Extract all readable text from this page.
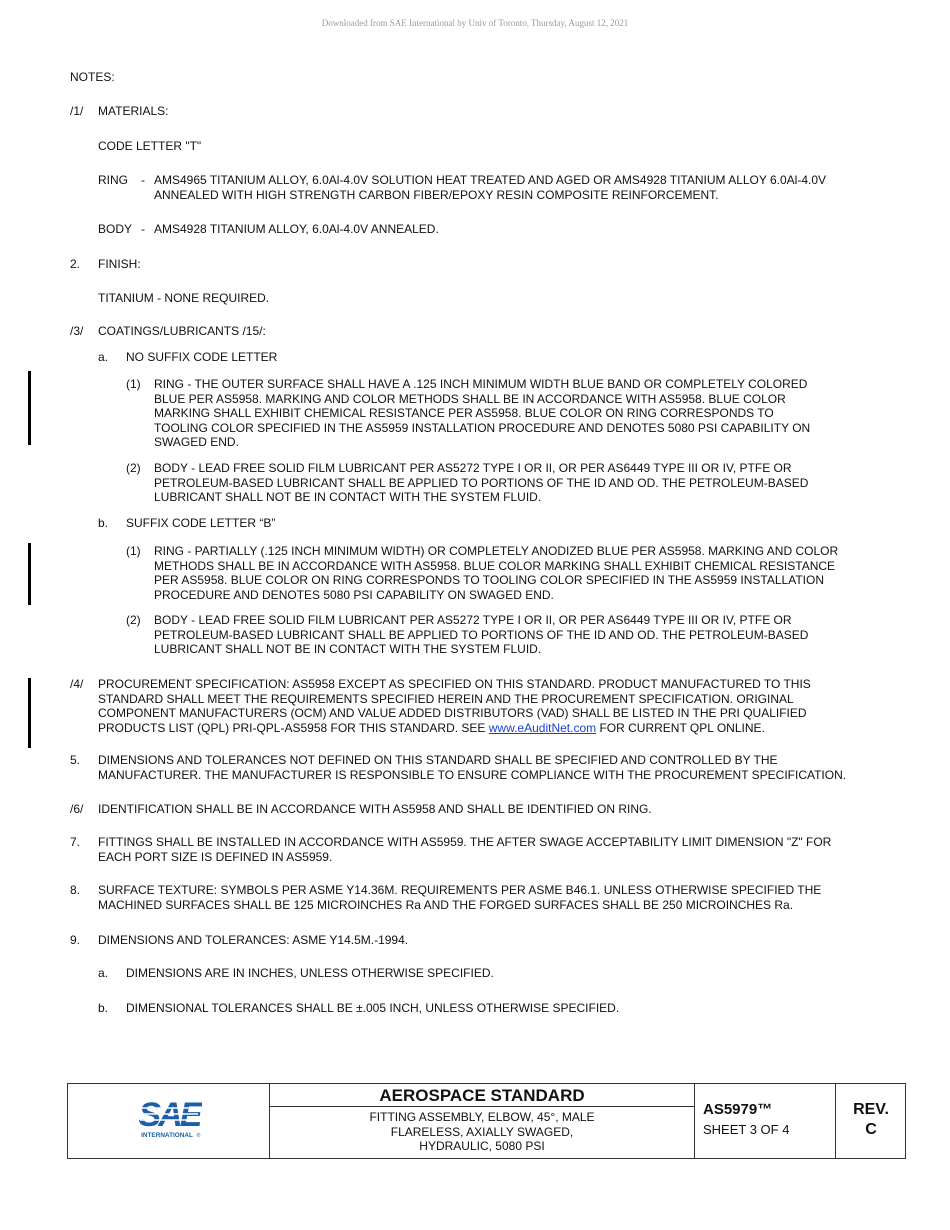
Downloaded from SAE International by Univ of Toronto, Thursday, August 12, 2021
NOTES:
/1/ MATERIALS:
CODE LETTER "T"
RING - AMS4965 TITANIUM ALLOY, 6.0Al-4.0V SOLUTION HEAT TREATED AND AGED OR AMS4928 TITANIUM ALLOY 6.0Al-4.0V
ANNEALED WITH HIGH STRENGTH CARBON FIBER/EPOXY RESIN COMPOSITE REINFORCEMENT.
BODY - AMS4928 TITANIUM ALLOY, 6.0Al-4.0V ANNEALED.
2. FINISH:
TITANIUM - NONE REQUIRED.
/3/ COATINGS/LUBRICANTS /15/:
a. NO SUFFIX CODE LETTER
(1) RING - THE OUTER SURFACE SHALL HAVE A .125 INCH MINIMUM WIDTH BLUE BAND OR COMPLETELY COLORED
BLUE PER AS5958. MARKING AND COLOR METHODS SHALL BE IN ACCORDANCE WITH AS5958. BLUE COLOR
MARKING SHALL EXHIBIT CHEMICAL RESISTANCE PER AS5958. BLUE COLOR ON RING CORRESPONDS TO
TOOLING COLOR SPECIFIED IN THE AS5959 INSTALLATION PROCEDURE AND DENOTES 5080 PSI CAPABILITY ON
SWAGED END.
(2) BODY - LEAD FREE SOLID FILM LUBRICANT PER AS5272 TYPE I OR II, OR PER AS6449 TYPE III OR IV, PTFE OR
PETROLEUM-BASED LUBRICANT SHALL BE APPLIED TO PORTIONS OF THE ID AND OD. THE PETROLEUM-BASED
LUBRICANT SHALL NOT BE IN CONTACT WITH THE SYSTEM FLUID.
b. SUFFIX CODE LETTER “B”
(1) RING - PARTIALLY (.125 INCH MINIMUM WIDTH) OR COMPLETELY ANODIZED BLUE PER AS5958. MARKING AND COLOR
METHODS SHALL BE IN ACCORDANCE WITH AS5958. BLUE COLOR MARKING SHALL EXHIBIT CHEMICAL RESISTANCE
PER AS5958. BLUE COLOR ON RING CORRESPONDS TO TOOLING COLOR SPECIFIED IN THE AS5959 INSTALLATION
PROCEDURE AND DENOTES 5080 PSI CAPABILITY ON SWAGED END.
(2) BODY - LEAD FREE SOLID FILM LUBRICANT PER AS5272 TYPE I OR II, OR PER AS6449 TYPE III OR IV, PTFE OR
PETROLEUM-BASED LUBRICANT SHALL BE APPLIED TO PORTIONS OF THE ID AND OD. THE PETROLEUM-BASED
LUBRICANT SHALL NOT BE IN CONTACT WITH THE SYSTEM FLUID.
/4/ PROCUREMENT SPECIFICATION: AS5958 EXCEPT AS SPECIFIED ON THIS STANDARD. PRODUCT MANUFACTURED TO THIS
STANDARD SHALL MEET THE REQUIREMENTS SPECIFIED HEREIN AND THE PROCUREMENT SPECIFICATION. ORIGINAL
COMPONENT MANUFACTURERS (OCM) AND VALUE ADDED DISTRIBUTORS (VAD) SHALL BE LISTED IN THE PRI QUALIFIED
PRODUCTS LIST (QPL) PRI-QPL-AS5958 FOR THIS STANDARD. SEE www.eAuditNet.com FOR CURRENT QPL ONLINE.
5. DIMENSIONS AND TOLERANCES NOT DEFINED ON THIS STANDARD SHALL BE SPECIFIED AND CONTROLLED BY THE
MANUFACTURER. THE MANUFACTURER IS RESPONSIBLE TO ENSURE COMPLIANCE WITH THE PROCUREMENT SPECIFICATION.
/6/ IDENTIFICATION SHALL BE IN ACCORDANCE WITH AS5958 AND SHALL BE IDENTIFIED ON RING.
7. FITTINGS SHALL BE INSTALLED IN ACCORDANCE WITH AS5959. THE AFTER SWAGE ACCEPTABILITY LIMIT DIMENSION "Z" FOR
EACH PORT SIZE IS DEFINED IN AS5959.
8. SURFACE TEXTURE: SYMBOLS PER ASME Y14.36M. REQUIREMENTS PER ASME B46.1. UNLESS OTHERWISE SPECIFIED THE
MACHINED SURFACES SHALL BE 125 MICROINCHES Ra AND THE FORGED SURFACES SHALL BE 250 MICROINCHES Ra.
9. DIMENSIONS AND TOLERANCES: ASME Y14.5M.-1994.
a. DIMENSIONS ARE IN INCHES, UNLESS OTHERWISE SPECIFIED.
b. DIMENSIONAL TOLERANCES SHALL BE ±.005 INCH, UNLESS OTHERWISE SPECIFIED.
SAE
INTERNATIONAL ®
AEROSPACE STANDARD
FITTING ASSEMBLY, ELBOW, 45°, MALE
FLARELESS, AXIALLY SWAGED,
HYDRAULIC, 5080 PSI
AS5979™
SHEET 3 OF 4
REV.
C
